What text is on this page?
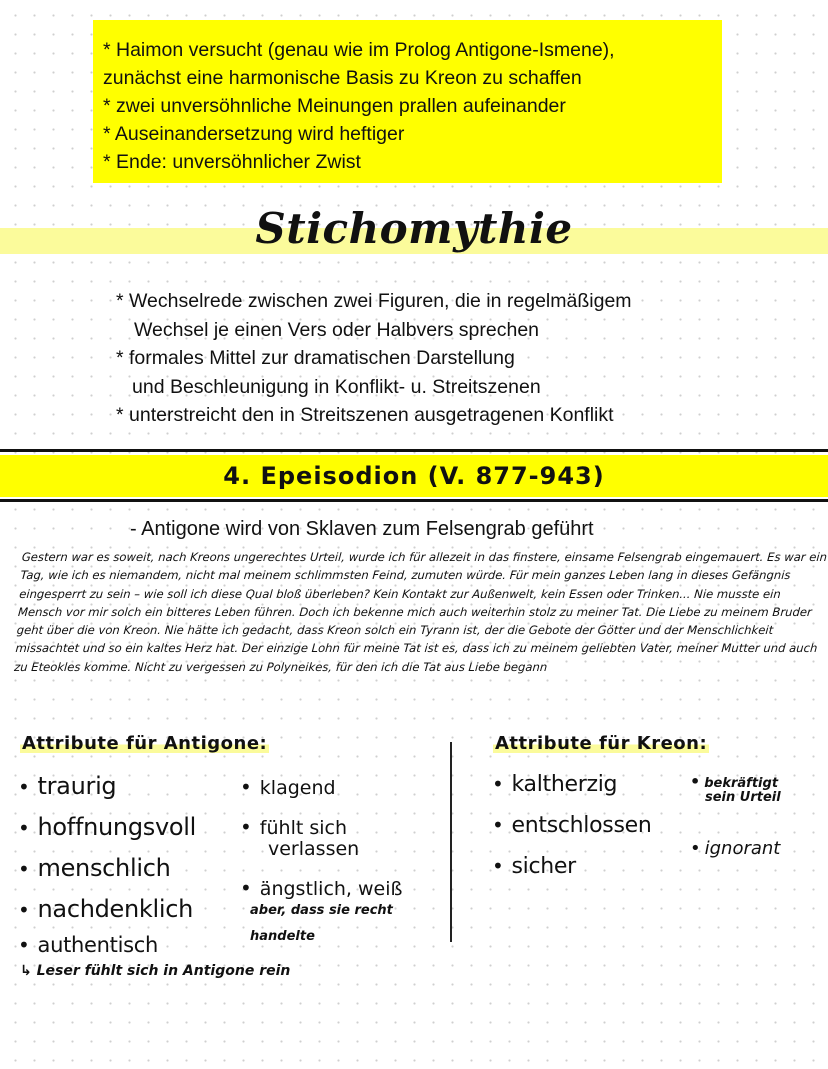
* Haimon versucht (genau wie im Prolog Antigone-Ismene),
zunächst eine harmonische Basis zu Kreon zu schaffen
* zwei unversöhnliche Meinungen prallen aufeinander
* Auseinandersetzung wird heftiger
* Ende: unversöhnlicher Zwist
Stichomythie
* Wechselrede zwischen zwei Figuren, die in regelmäßigem
Wechsel je einen Vers oder Halbvers sprechen
* formales Mittel zur dramatischen Darstellung
und Beschleunigung in Konflikt- u. Streitszenen
* unterstreicht den in Streitszenen ausgetragenen Konflikt
4. Epeisodion (V. 877-943)
- Antigone wird von Sklaven zum Felsengrab geführt
Gestern war es soweit, nach Kreons ungerechtes Urteil, wurde ich für allezeit in das finstere, einsame Felsengrab eingemauert. Es war ein Tag, wie ich es niemandem, nicht mal meinem schlimmsten Feind, zumuten würde. Für mein ganzes Leben lang in dieses Gefängnis eingesperrt zu sein – wie soll ich diese Qual bloß überleben? Kein Kontakt zur Außenwelt, kein Essen oder Trinken... Nie musste ein Mensch vor mir solch ein bitteres Leben führen. Doch ich bekenne mich auch weiterhin stolz zu meiner Tat. Die Liebe zu meinem Bruder geht über die von Kreon. Nie hätte ich gedacht, dass Kreon solch ein Tyrann ist, der die Gebote der Götter und der Menschlichkeit missachtet und so ein kaltes Herz hat. Der einzige Lohn für meine Tat ist es, dass ich zu meinem geliebten Vater, meiner Mutter und auch zu Eteokles komme. Nicht zu vergessen zu Polyneikes, für den ich die Tat aus Liebe begann
Attribute für Antigone:	Attribute für Kreon:
• traurig
• hoffnungsvoll
• menschlich
• nachdenklich
• authentisch
↳ Leser fühlt sich in Antigone rein
• klagend
• fühlt sich
verlassen
• ängstlich, weiß
aber, dass sie recht
handelte
• kaltherzig
• entschlossen
• sicher
• bekräftigt
sein Urteil
• ignorant
